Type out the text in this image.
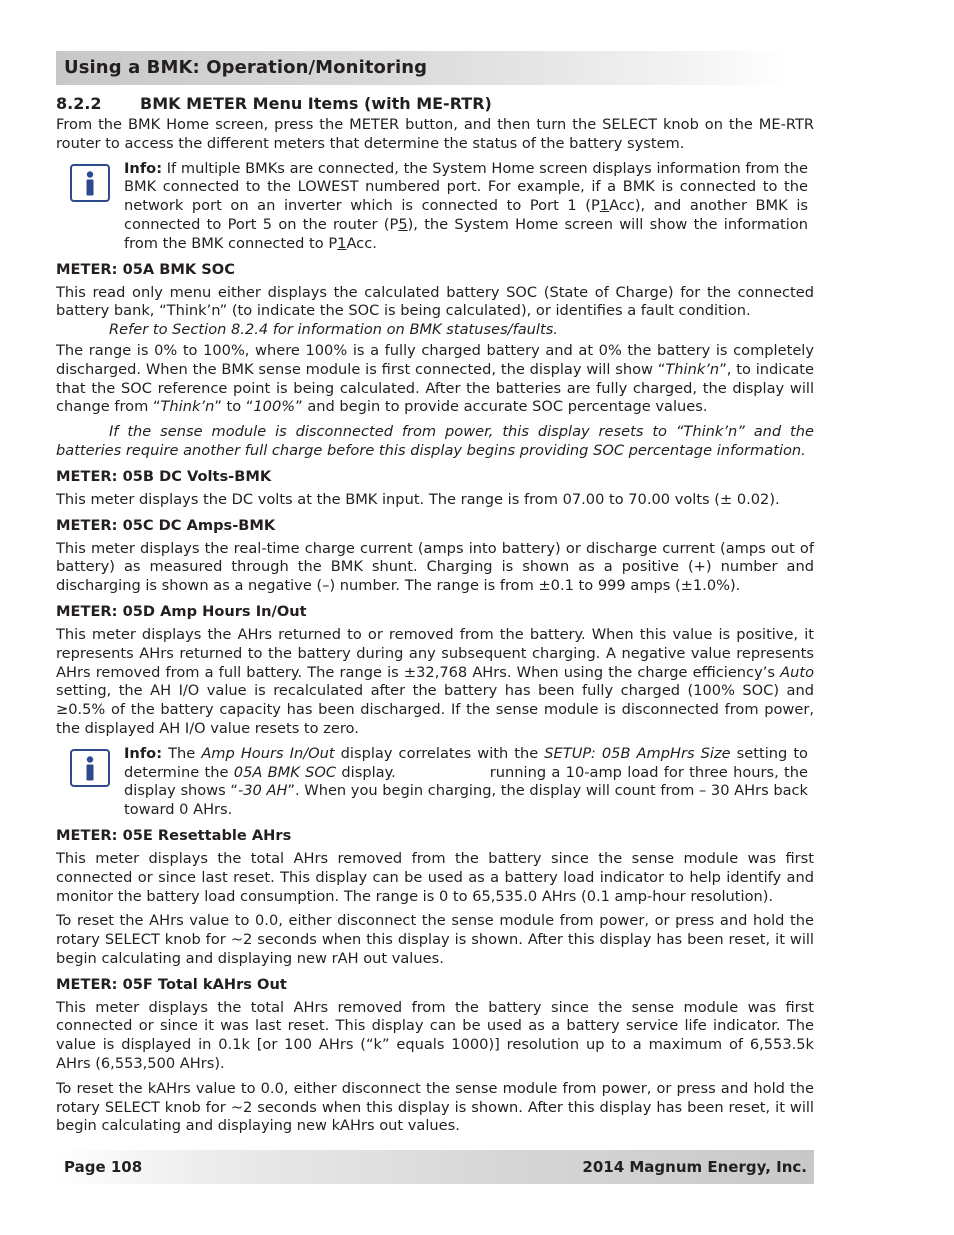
Using a BMK: Operation/Monitoring
8.2.2	BMK METER Menu Items (with ME-RTR)

From the BMK Home screen, press the METER button, and then turn the SELECT knob on the ME-RTR router to access the different meters that determine the status of the battery system.

Info: If multiple BMKs are connected, the System Home screen displays information from the BMK connected to the LOWEST numbered port. For example, if a BMK is connected to the network port on an inverter which is connected to Port 1 (P1Acc), and another BMK is connected to Port 5 on the router (P5), the System Home screen will show the information from the BMK connected to P1Acc.
METER: 05A BMK SOC

This read only menu either displays the calculated battery SOC (State of Charge) for the connected battery bank, “Think’n” (to indicate the SOC is being calculated), or identifies a fault condition.
Refer to Section 8.2.4 for information on BMK statuses/faults.

The range is 0% to 100%, where 100% is a fully charged battery and at 0% the battery is completely discharged. When the BMK sense module is first connected, the display will show “Think’n”, to indicate that the SOC reference point is being calculated. After the batteries are fully charged, the display will change from “Think’n” to “100%” and begin to provide accurate SOC percentage values.

If the sense module is disconnected from power, this display resets to “Think’n” and the batteries require another full charge before this display begins providing SOC percentage information.

METER: 05B DC Volts-BMK

This meter displays the DC volts at the BMK input. The range is from 07.00 to 70.00 volts (± 0.02).

METER: 05C DC Amps-BMK

This meter displays the real-time charge current (amps into battery) or discharge current (amps out of battery) as measured through the BMK shunt. Charging is shown as a positive (+) number and discharging is shown as a negative (–) number. The range is from ±0.1 to 999 amps (±1.0%).

METER: 05D Amp Hours In/Out

This meter displays the AHrs returned to or removed from the battery. When this value is positive, it represents AHrs returned to the battery during any subsequent charging. A negative value represents AHrs removed from a full battery. The range is ±32,768 AHrs. When using the charge efficiency’s Auto setting, the AH I/O value is recalculated after the battery has been fully charged (100% SOC) and ≥0.5% of the battery capacity has been discharged. If the sense module is disconnected from power, the displayed AH I/O value resets to zero.

Info: The Amp Hours In/Out display correlates with the SETUP: 05B AmpHrs Size setting to determine the 05A BMK SOC display.	running a 10-amp load for three hours, the display shows “-30 AH”. When you begin charging, the display will count from – 30 AHrs back toward 0 AHrs.
METER: 05E Resettable AHrs

This meter displays the total AHrs removed from the battery since the sense module was first connected or since last reset. This display can be used as a battery load indicator to help identify and monitor the battery load consumption. The range is 0 to 65,535.0 AHrs (0.1 amp-hour resolution).

To reset the AHrs value to 0.0, either disconnect the sense module from power, or press and hold the rotary SELECT knob for ~2 seconds when this display is shown. After this display has been reset, it will begin calculating and displaying new rAH out values.

METER: 05F Total kAHrs Out

This meter displays the total AHrs removed from the battery since the sense module was first connected or since it was last reset. This display can be used as a battery service life indicator. The value is displayed in 0.1k [or 100 AHrs (“k” equals 1000)] resolution up to a maximum of 6,553.5k AHrs (6,553,500 AHrs).

To reset the kAHrs value to 0.0, either disconnect the sense module from power, or press and hold the rotary SELECT knob for ~2 seconds when this display is shown. After this display has been reset, it will begin calculating and displaying new kAHrs out values.

Page 108	2014 Magnum Energy, Inc.
